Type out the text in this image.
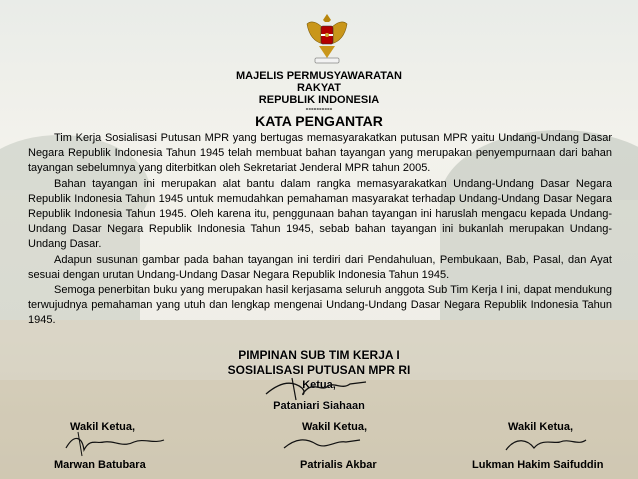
MAJELIS PERMUSYAWARATAN
RAKYAT
REPUBLIK INDONESIA
----------
KATA PENGANTAR

Tim Kerja Sosialisasi Putusan MPR yang bertugas memasyarakatkan putusan MPR yaitu Undang-Undang Dasar Negara Republik Indonesia Tahun 1945 telah membuat bahan tayangan yang merupakan penyempurnaan dari bahan tayangan sebelumnya yang diterbitkan oleh Sekretariat Jenderal MPR tahun 2005.

Bahan tayangan ini merupakan alat bantu dalam rangka memasyarakatkan Undang-Undang Dasar Negara Republik Indonesia Tahun 1945 untuk memudahkan pemahaman masyarakat terhadap Undang-Undang Dasar Negara Republik Indonesia Tahun 1945. Oleh karena itu, penggunaan bahan tayangan ini haruslah mengacu kepada Undang-Undang Dasar Negara Republik Indonesia Tahun 1945, sebab bahan tayangan ini bukanlah merupakan Undang-Undang Dasar.

Adapun susunan gambar pada bahan tayangan ini terdiri dari Pendahuluan, Pembukaan, Bab, Pasal, dan Ayat sesuai dengan urutan Undang-Undang Dasar Negara Republik Indonesia Tahun 1945.

Semoga penerbitan buku yang merupakan hasil kerjasama seluruh anggota Sub Tim Kerja I ini, dapat mendukung terwujudnya pemahaman yang utuh dan lengkap mengenai Undang-Undang Dasar Negara Republik Indonesia Tahun 1945.

PIMPINAN SUB TIM KERJA I
SOSIALISASI PUTUSAN MPR RI
Ketua,
Pataniari Siahaan
Wakil Ketua,	Wakil Ketua,	Wakil Ketua,
Marwan Batubara	Patrialis Akbar	Lukman Hakim Saifuddin
